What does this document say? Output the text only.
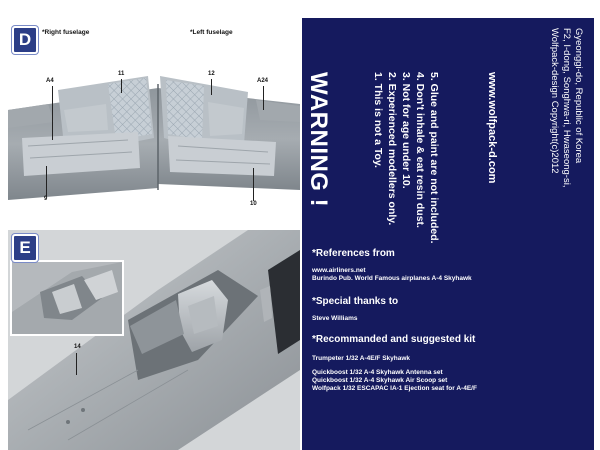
D	*Right fuselage	*Left fuselage
A4
11	12
A24
9
10
E
14
WARNING !	1. This is not a Toy. 2. Experienced modellers only. 3. Not for age under 10. 4. Don't inhale & eat resin dust. 5. Glue and paint are not included.	www.wolfpack-d.com	Wolfpack-design Copyright(c)2012 F2, I-dong, Songhwa-ri, Hwaseong-si, Gyeonggi-do, Republic of Korea
*References from
www.airliners.net
Burindo Pub. World Famous airplanes A-4 Skyhawk
*Special thanks to
Steve Williams
*Recommanded and suggested kit
Trumpeter 1/32 A-4E/F Skyhawk
Quickboost 1/32 A-4 Skyhawk Antenna set
Quickboost 1/32 A-4 Skyhawk Air Scoop set
Wolfpack 1/32 ESCAPAC IA-1 Ejection seat for A-4E/F
